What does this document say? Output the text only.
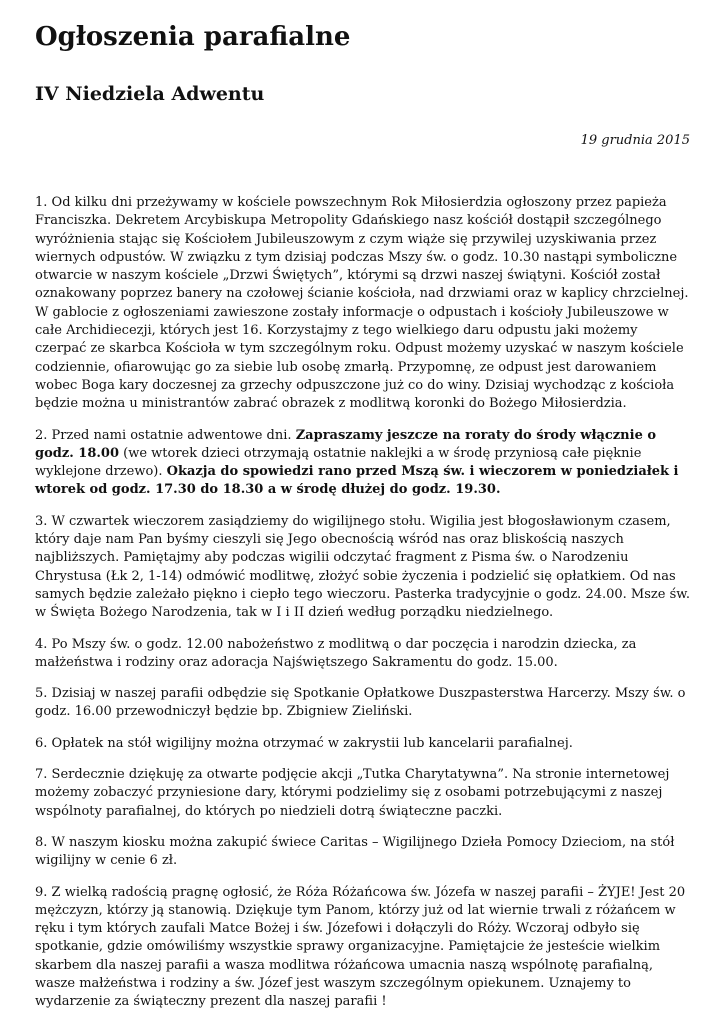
Ogłoszenia parafialne
IV Niedziela Adwentu
19 grudnia 2015

1. Od kilku dni przeżywamy w kościele powszechnym Rok Miłosierdzia ogłoszony przez papieża Franciszka. Dekretem Arcybiskupa Metropolity Gdańskiego nasz kościół dostąpił szczególnego wyróżnienia stając się Kościołem Jubileuszowym z czym wiąże się przywilej uzyskiwania przez wiernych odpustów. W związku z tym dzisiaj podczas Mszy św. o godz. 10.30 nastąpi symboliczne otwarcie w naszym kościele „Drzwi Świętych”, którymi są drzwi naszej świątyni. Kościół został oznakowany poprzez banery na czołowej ścianie kościoła, nad drzwiami oraz w kaplicy chrzcielnej. W gablocie z ogłoszeniami zawieszone zostały informacje o odpustach i kościoły Jubileuszowe w całe Archidiecezji, których jest 16. Korzystajmy z tego wielkiego daru odpustu jaki możemy czerpać ze skarbca Kościoła w tym szczególnym roku. Odpust możemy uzyskać w naszym kościele codziennie, ofiarowując go za siebie lub osobę zmarłą. Przypomnę, ze odpust jest darowaniem wobec Boga kary doczesnej za grzechy odpuszczone już co do winy. Dzisiaj wychodząc z kościoła będzie można u ministrantów zabrać obrazek z modlitwą koronki do Bożego Miłosierdzia.

2. Przed nami ostatnie adwentowe dni. Zapraszamy jeszcze na roraty do środy włącznie o godz. 18.00 (we wtorek dzieci otrzymają ostatnie naklejki a w środę przyniosą całe pięknie wyklejone drzewo). Okazja do spowiedzi rano przed Mszą św. i wieczorem w poniedziałek i wtorek od godz. 17.30 do 18.30 a w środę dłużej do godz. 19.30.

3. W czwartek wieczorem zasiądziemy do wigilijnego stołu. Wigilia jest błogosławionym czasem, który daje nam Pan byśmy cieszyli się Jego obecnością wśród nas oraz bliskością naszych najbliższych. Pamiętajmy aby podczas wigilii odczytać fragment z Pisma św. o Narodzeniu Chrystusa (Łk 2, 1-14) odmówić modlitwę, złożyć sobie życzenia i podzielić się opłatkiem. Od nas samych będzie zależało piękno i ciepło tego wieczoru. Pasterka tradycyjnie o godz. 24.00. Msze św. w Święta Bożego Narodzenia, tak w I i II dzień według porządku niedzielnego.

4. Po Mszy św. o godz. 12.00 nabożeństwo z modlitwą o dar poczęcia i narodzin dziecka, za małżeństwa i rodziny oraz adoracja Najświętszego Sakramentu do godz. 15.00.

5. Dzisiaj w naszej parafii odbędzie się Spotkanie Opłatkowe Duszpasterstwa Harcerzy. Mszy św. o godz. 16.00 przewodniczył będzie bp. Zbigniew Zieliński.

6. Opłatek na stół wigilijny można otrzymać w zakrystii lub kancelarii parafialnej.

7. Serdecznie dziękuję za otwarte podjęcie akcji „Tutka Charytatywna”. Na stronie internetowej możemy zobaczyć przyniesione dary, którymi podzielimy się z osobami potrzebującymi z naszej wspólnoty parafialnej, do których po niedzieli dotrą świąteczne paczki.

8. W naszym kiosku można zakupić świece Caritas – Wigilijnego Dzieła Pomocy Dzieciom, na stół wigilijny w cenie 6 zł.

9. Z wielką radością pragnę ogłosić, że Róża Różańcowa św. Józefa w naszej parafii – ŻYJE! Jest 20 mężczyzn, którzy ją stanowią. Dziękuje tym Panom, którzy już od lat wiernie trwali z różańcem w ręku i tym których zaufali Matce Bożej i św. Józefowi i dołączyli do Róży. Wczoraj odbyło się spotkanie, gdzie omówiliśmy wszystkie sprawy organizacyjne. Pamiętajcie że jesteście wielkim skarbem dla naszej parafii a wasza modlitwa różańcowa umacnia naszą wspólnotę parafialną, wasze małżeństwa i rodziny a św. Józef jest waszym szczególnym opiekunem. Uznajemy to wydarzenie za świąteczny prezent dla naszej parafii !
